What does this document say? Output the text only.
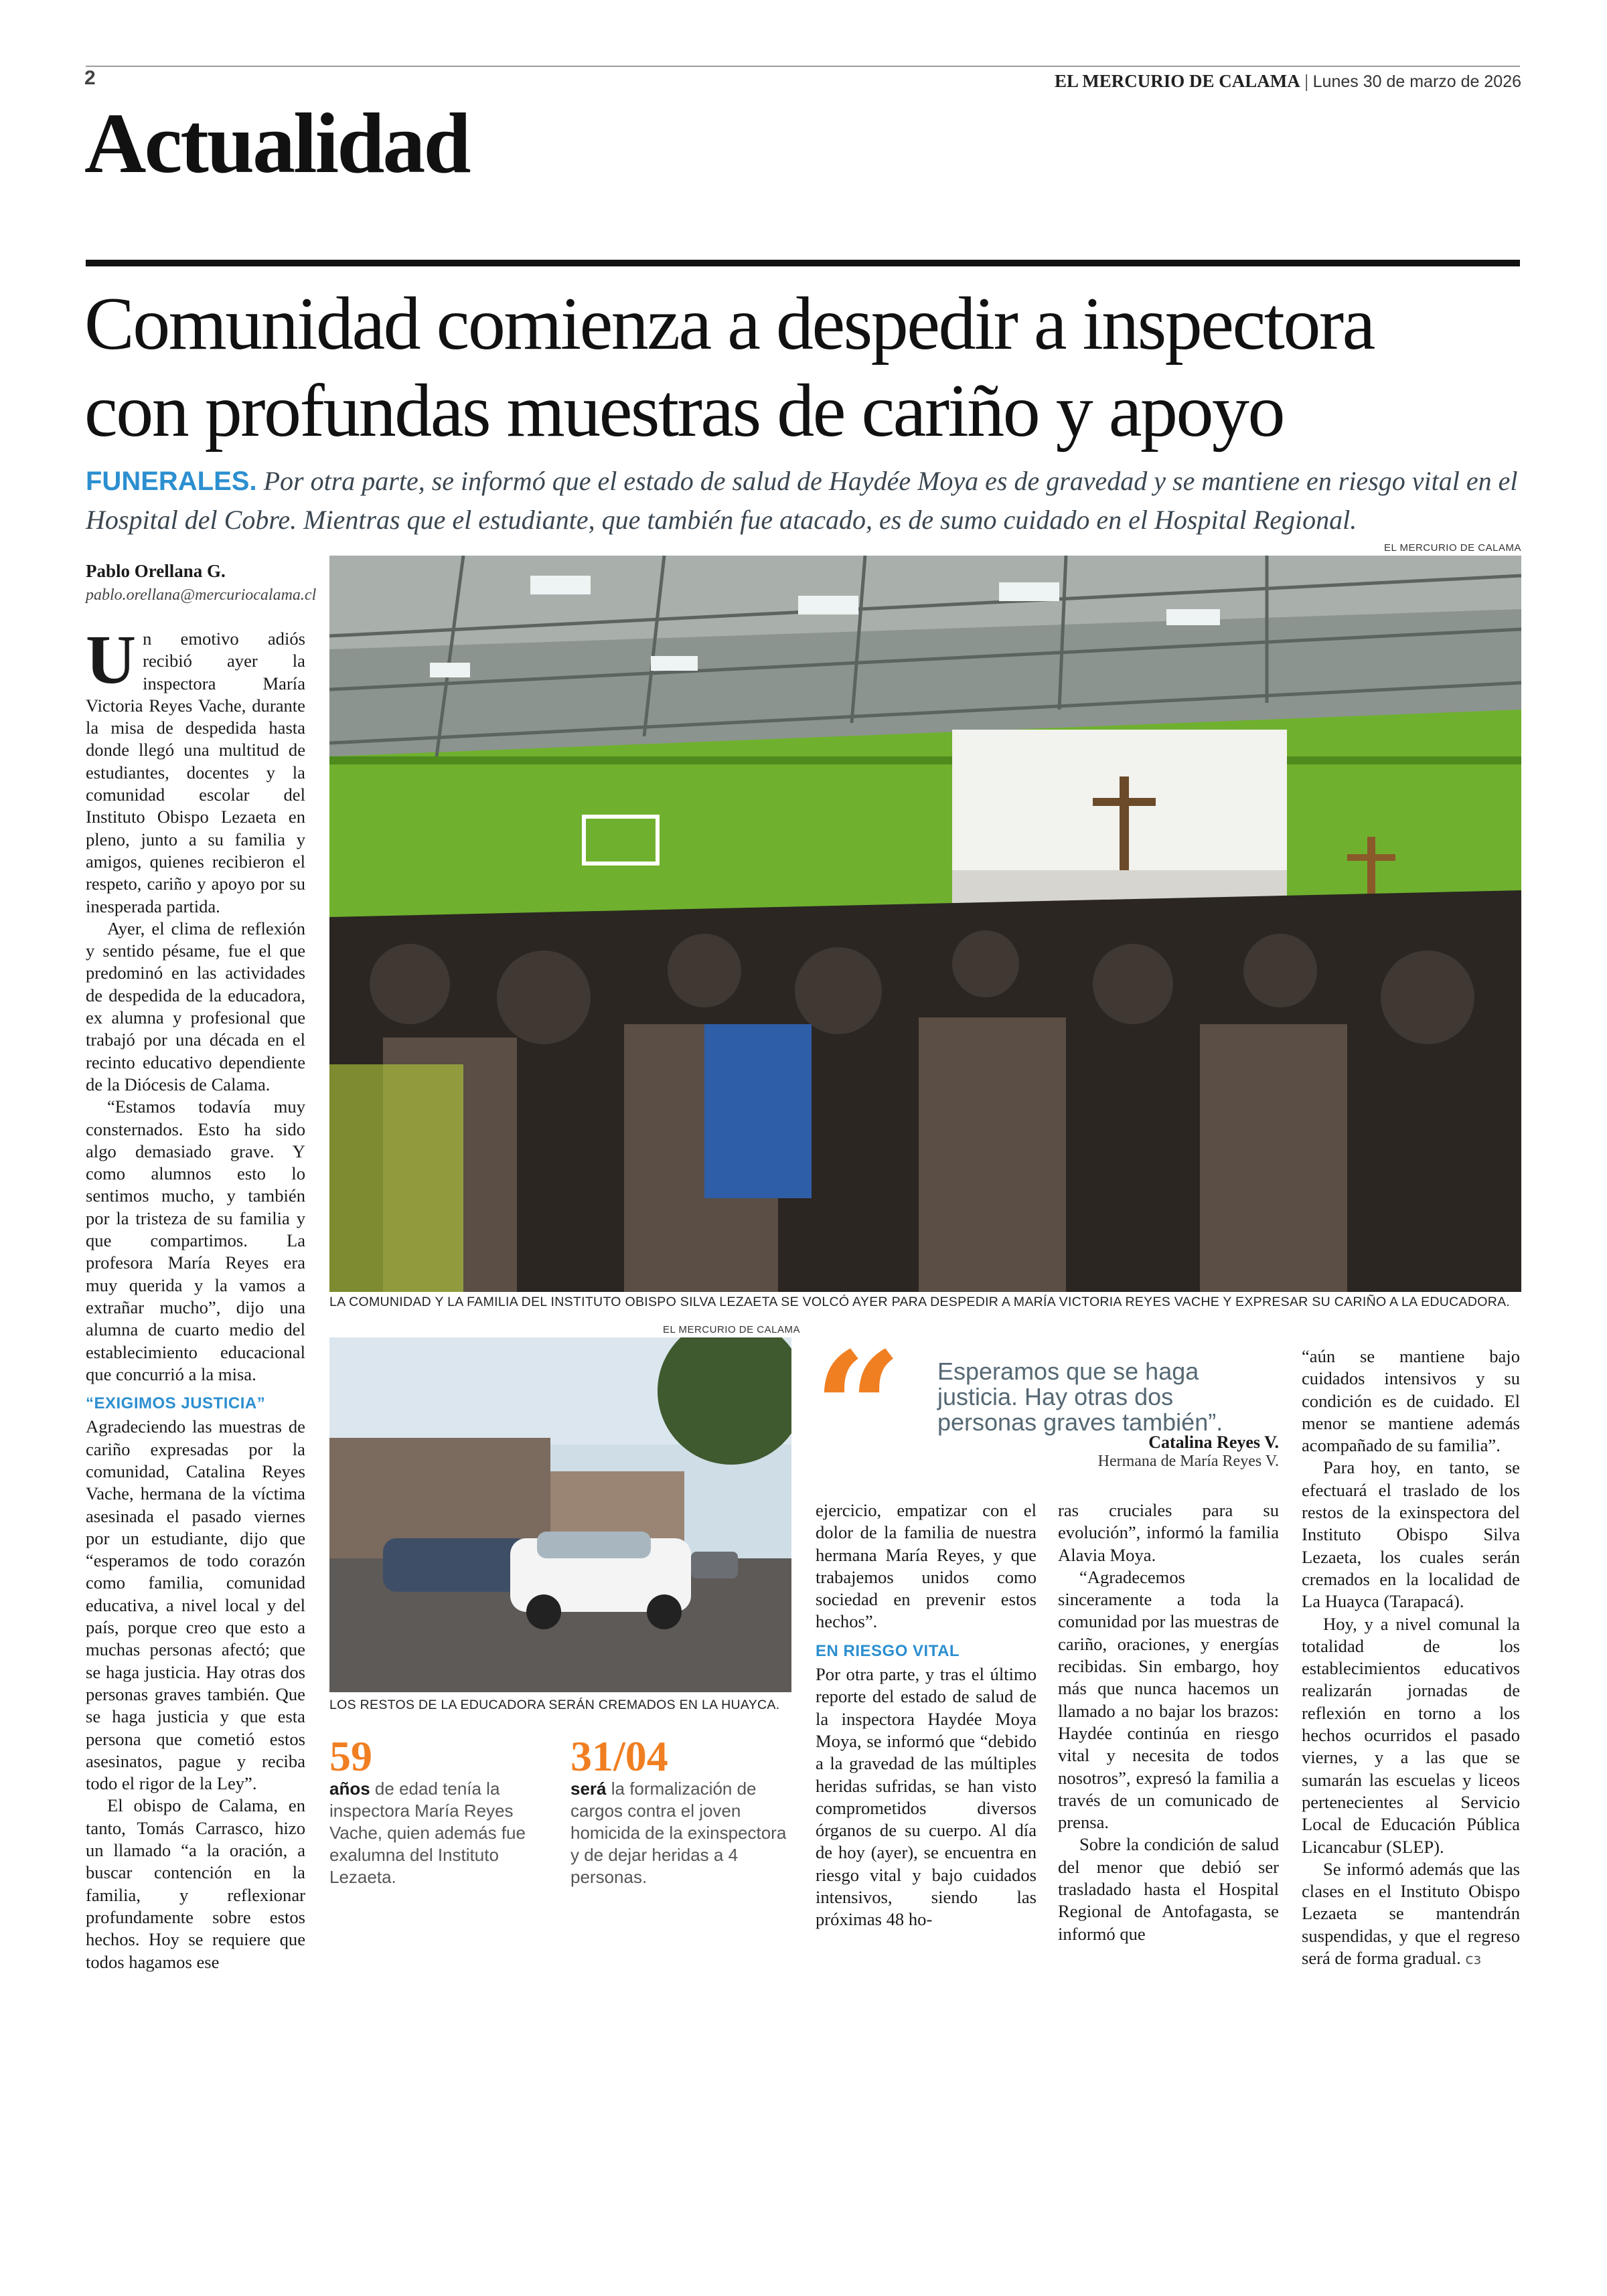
2	EL MERCURIO DE CALAMA | Lunes 30 de marzo de 2026
Actualidad
Comunidad comienza a despedir a inspectora
con profundas muestras de cariño y apoyo
FUNERALES. Por otra parte, se informó que el estado de salud de Haydée Moya es de gravedad y se mantiene en riesgo vital en el Hospital del Cobre. Mientras que el estudiante, que también fue atacado, es de sumo cuidado en el Hospital Regional.
Pablo Orellana G.
pablo.orellana@mercuriocalama.cl

Un emotivo adiós recibió ayer la inspectora María Victoria Reyes Vache, durante la misa de despedida hasta donde llegó una multitud de estudiantes, docentes y la comunidad escolar del Instituto Obispo Lezaeta en pleno, junto a su familia y amigos, quienes recibieron el respeto, cariño y apoyo por su inesperada partida.

Ayer, el clima de reflexión y sentido pésame, fue el que predominó en las actividades de despedida de la educadora, ex alumna y profesional que trabajó por una década en el recinto educativo dependiente de la Diócesis de Calama.

“Estamos todavía muy consternados. Esto ha sido algo demasiado grave. Y como alumnos esto lo sentimos mucho, y también por la tristeza de su familia y que compartimos. La profesora María Reyes era muy querida y la vamos a extrañar mucho”, dijo una alumna de cuarto medio del establecimiento educacional que concurrió a la misa.

“EXIGIMOS JUSTICIA”

Agradeciendo las muestras de cariño expresadas por la comunidad, Catalina Reyes Vache, hermana de la víctima asesinada el pasado viernes por un estudiante, dijo que “esperamos de todo corazón como familia, comunidad educativa, a nivel local y del país, porque creo que esto a muchas personas afectó; que se haga justicia. Hay otras dos personas graves también. Que se haga justicia y que esta persona que cometió estos asesinatos, pague y reciba todo el rigor de la Ley”.

El obispo de Calama, en tanto, Tomás Carrasco, hizo un llamado “a la oración, a buscar contención en la familia, y reflexionar profundamente sobre estos hechos. Hoy se requiere que todos hagamos ese

EL MERCURIO DE CALAMA
LA COMUNIDAD Y LA FAMILIA DEL INSTITUTO OBISPO SILVA LEZAETA SE VOLCÓ AYER PARA DESPEDIR A MARÍA VICTORIA REYES VACHE Y EXPRESAR SU CARIÑO A LA EDUCADORA.
EL MERCURIO DE CALAMA
LOS RESTOS DE LA EDUCADORA SERÁN CREMADOS EN LA HUAYCA.
59
años de edad tenía la inspectora María Reyes Vache, quien además fue exalumna del Instituto Lezaeta.
31/04
será la formalización de cargos contra el joven homicida de la exinspectora y de dejar heridas a 4 personas.
“ Esperamos que se haga justicia. Hay otras dos personas graves también”.
Catalina Reyes V.
Hermana de María Reyes V.

ejercicio, empatizar con el dolor de la familia de nuestra hermana María Reyes, y que trabajemos unidos como sociedad en prevenir estos hechos”.

EN RIESGO VITAL

Por otra parte, y tras el último reporte del estado de salud de la inspectora Haydée Moya Moya, se informó que “debido a la gravedad de las múltiples heridas sufridas, se han visto comprometidos diversos órganos de su cuerpo. Al día de hoy (ayer), se encuentra en riesgo vital y bajo cuidados intensivos, siendo las próximas 48 ho-

ras cruciales para su evolución”, informó la familia Alavia Moya.

“Agradecemos sinceramente a toda la comunidad por las muestras de cariño, oraciones, y energías recibidas. Sin embargo, hoy más que nunca hacemos un llamado a no bajar los brazos: Haydée continúa en riesgo vital y necesita de todos nosotros”, expresó la familia a través de un comunicado de prensa.

Sobre la condición de salud del menor que debió ser trasladado hasta el Hospital Regional de Antofagasta, se informó que

“aún se mantiene bajo cuidados intensivos y su condición es de cuidado. El menor se mantiene además acompañado de su familia”.

Para hoy, en tanto, se efectuará el traslado de los restos de la exinspectora del Instituto Obispo Silva Lezaeta, los cuales serán cremados en la localidad de La Huayca (Tarapacá).

Hoy, y a nivel comunal la totalidad de los establecimientos educativos realizarán jornadas de reflexión en torno a los hechos ocurridos el pasado viernes, y a las que se sumarán las escuelas y liceos pertenecientes al Servicio Local de Educación Pública Licancabur (SLEP).

Se informó además que las clases en el Instituto Obispo Lezaeta se mantendrán suspendidas, y que el regreso será de forma gradual. cз
